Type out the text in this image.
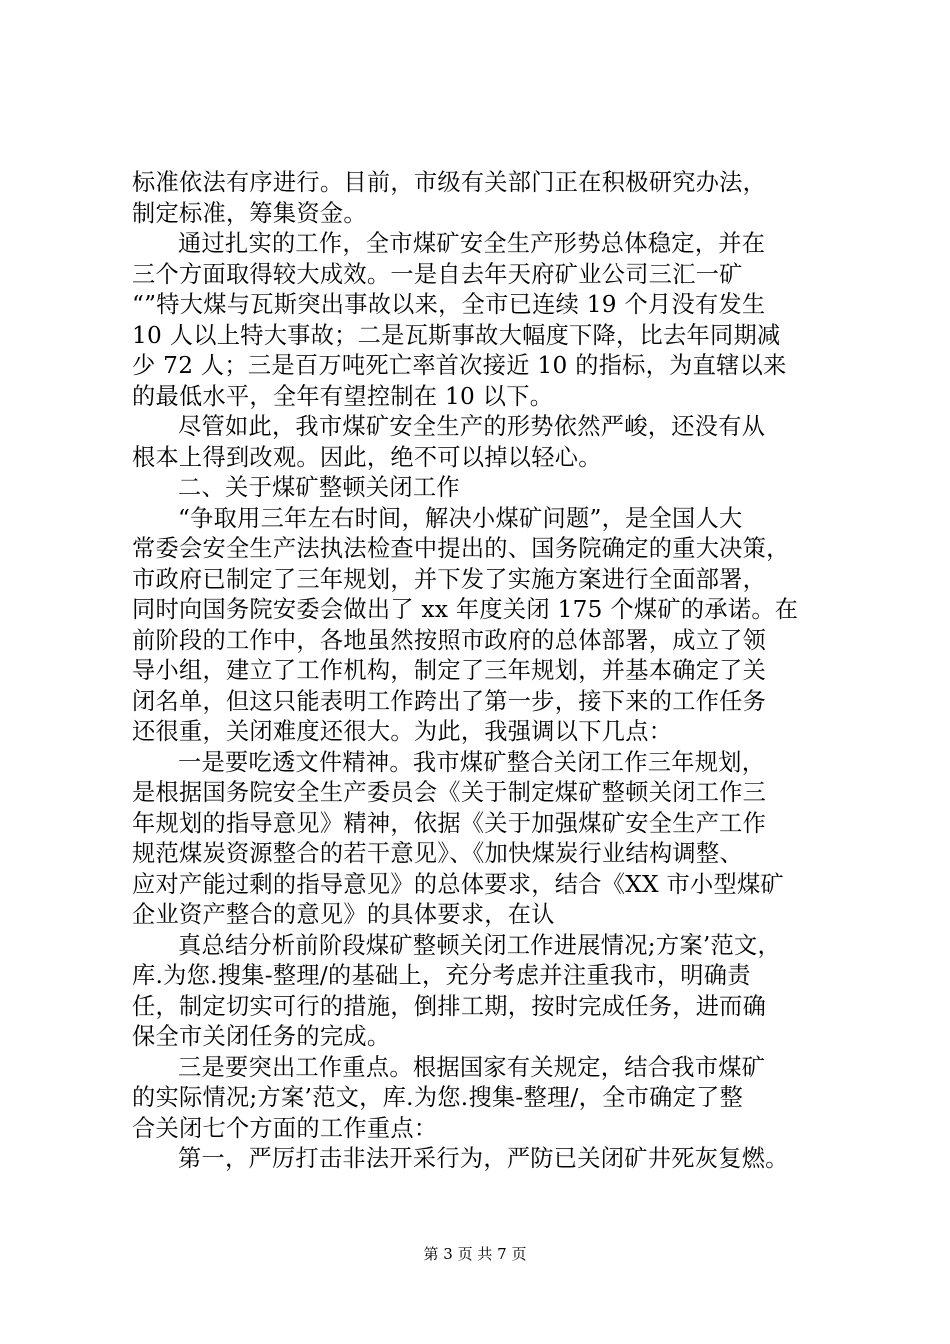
标准依法有序进行。目前，市级有关部门正在积极研究办法，
制定标准，筹集资金。
通过扎实的工作，全市煤矿安全生产形势总体稳定，并在
三个方面取得较大成效。一是自去年天府矿业公司三汇一矿
“”特大煤与瓦斯突出事故以来，全市已连续 19 个月没有发生
10 人以上特大事故；二是瓦斯事故大幅度下降，比去年同期减
少 72 人；三是百万吨死亡率首次接近 10 的指标，为直辖以来
的最低水平，全年有望控制在 10 以下。
尽管如此，我市煤矿安全生产的形势依然严峻，还没有从
根本上得到改观。因此，绝不可以掉以轻心。
二、关于煤矿整顿关闭工作
“争取用三年左右时间，解决小煤矿问题”，是全国人大
常委会安全生产法执法检查中提出的、国务院确定的重大决策，
市政府已制定了三年规划，并下发了实施方案进行全面部署，
同时向国务院安委会做出了 xx 年度关闭 175 个煤矿的承诺。在
前阶段的工作中，各地虽然按照市政府的总体部署，成立了领
导小组，建立了工作机构，制定了三年规划，并基本确定了关
闭名单，但这只能表明工作跨出了第一步，接下来的工作任务
还很重，关闭难度还很大。为此，我强调以下几点：
一是要吃透文件精神。我市煤矿整合关闭工作三年规划，
是根据国务院安全生产委员会《关于制定煤矿整顿关闭工作三
年规划的指导意见》精神，依据《关于加强煤矿安全生产工作
规范煤炭资源整合的若干意见》、《加快煤炭行业结构调整、
应对产能过剩的指导意见》的总体要求，结合《XX 市小型煤矿
企业资产整合的意见》的具体要求，在认
真总结分析前阶段煤矿整顿关闭工作进展情况;方案’范文，
库.为您.搜集-整理/的基础上，充分考虑并注重我市，明确责
任，制定切实可行的措施，倒排工期，按时完成任务，进而确
保全市关闭任务的完成。
三是要突出工作重点。根据国家有关规定，结合我市煤矿
的实际情况;方案’范文，库.为您.搜集-整理/，全市确定了整
合关闭七个方面的工作重点：
第一，严厉打击非法开采行为，严防已关闭矿井死灰复燃。
第 3 页 共 7 页
